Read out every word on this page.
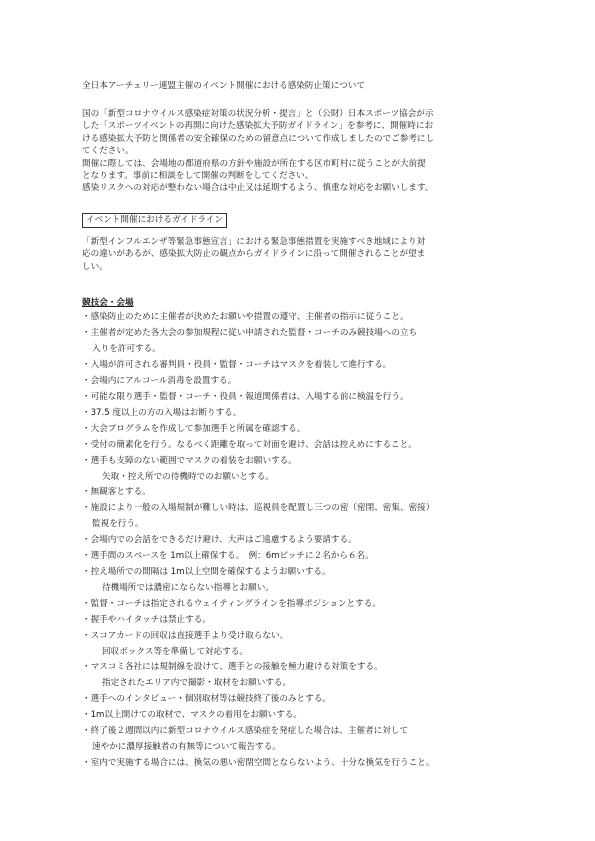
全日本アーチェリー連盟主催のイベント開催における感染防止策について

国の「新型コロナウイルス感染症対策の状況分析・提言」と（公財）日本スポーツ協会が示

した「スポーツイベントの再開に向けた感染拡大予防ガイドライン」を参考に、開催時にお

ける感染拡大予防と関係者の安全確保のための留意点について作成しましたのでご参考にし

てください。

開催に際しては、会場地の都道府県の方針や施設が所在する区市町村に従うことが大前提

となります。事前に相談をして開催の判断をしてください。

感染リスクへの対応が整わない場合は中止又は延期するよう、慎重な対応をお願いします。

イベント開催におけるガイドライン

「新型インフルエンザ等緊急事態宣言」における緊急事態措置を実施すべき地域により対

応の違いがあるが、感染拡大防止の観点からガイドラインに沿って開催されることが望ま

しい。

競技会・会場

・感染防止のために主催者が決めたお願いや措置の遵守、主催者の指示に従うこと。

・主催者が定めた各大会の参加規程に従い申請された監督・コーチのみ競技場への立ち

入りを許可する。

・入場が許可される審判員・役員・監督・コーチはマスクを着装して進行する。

・会場内にアルコール消毒を設置する。

・可能な限り選手・監督・コーチ・役員・報道関係者は、入場する前に検温を行う。

・37.5 度以上の方の入場はお断りする。

・大会プログラムを作成して参加選手と所属を確認する。

・受付の簡素化を行う。なるべく距離を取って対面を避け、会話は控えめにすること。

・選手も支障のない範囲でマスクの着装をお願いする。

矢取・控え所での待機時でのお願いとする。

・無観客とする。

・施設により一般の入場規制が難しい時は、巡視員を配置し三つの密（密閉、密集、密接）

監視を行う。

・会場内での会話をできるだけ避け、大声はご遠慮するよう要請する。

・選手間のスペースを 1m以上確保する。　例：6mピッチに２名から６名。

・控え場所での間隔は 1m以上空間を確保するようお願いする。

待機場所では濃密にならない指導とお願い。

・監督・コーチは指定されるウェイティングラインを指導ポジションとする。

・握手やハイタッチは禁止する。

・スコアカードの回収は直接選手より受け取らない。

回収ボックス等を準備して対応する。

・マスコミ各社には規制線を設けて、選手との接触を極力避ける対策をする。

指定されたエリア内で撮影・取材をお願いする。

・選手へのインタビュー・個別取材等は競技終了後のみとする。

・1m以上開けての取材で、マスクの着用をお願いする。

・終了後２週間以内に新型コロナウイルス感染症を発症した場合は、主催者に対して

速やかに濃厚接触者の有無等について報告する。

・室内で実施する場合には、換気の悪い密閉空間とならないよう、十分な換気を行うこと。
